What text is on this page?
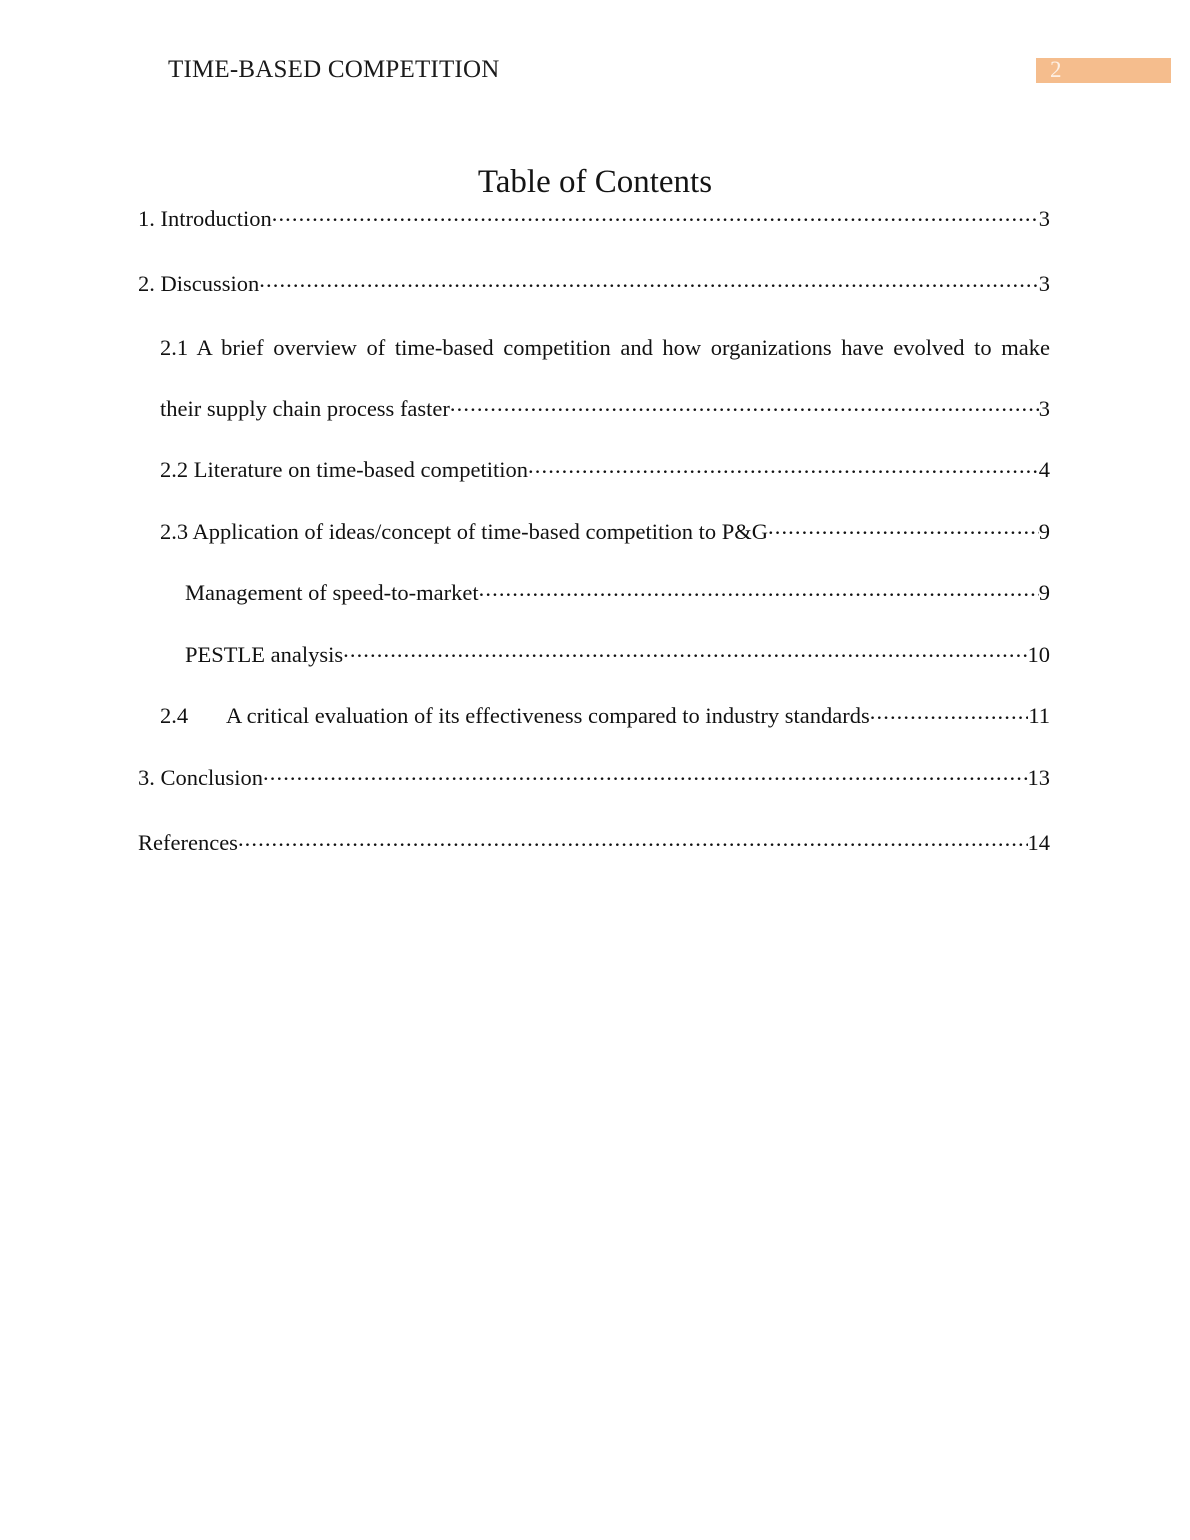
TIME-BASED COMPETITION	2
Table of Contents
1. Introduction .....	3
2. Discussion .....	3
2.1 A brief overview of time-based competition and how organizations have evolved to make
their supply chain process faster .....	3
2.2 Literature on time-based competition .....	4
2.3 Application of ideas/concept of time-based competition to P&G .....	9
Management of speed-to-market .....	9
PESTLE analysis .....	10
2.4	A critical evaluation of its effectiveness compared to industry standards .....	11
3. Conclusion .....	13
References .....	14
